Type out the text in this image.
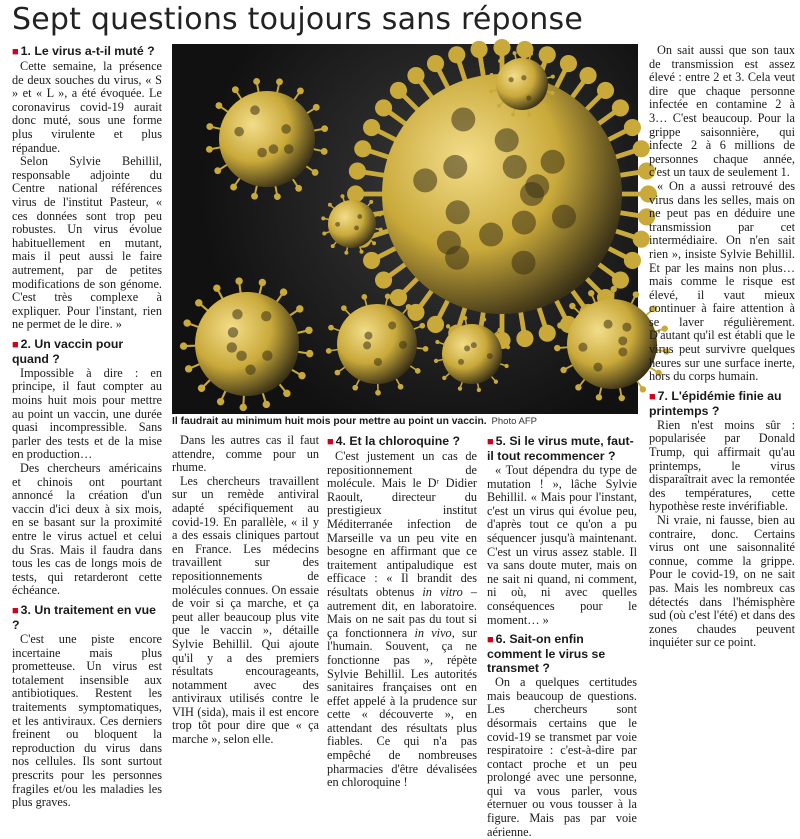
Sept questions toujours sans réponse
■ 1. Le virus a-t-il muté ?

Cette semaine, la présence de deux souches du virus, « S » et « L », a été évoquée. Le coronavirus covid-19 aurait donc muté, sous une forme plus virulente et plus répandue.

Selon Sylvie Behillil, responsable adjointe du Centre national références virus de l'institut Pasteur, « ces données sont trop peu robustes. Un virus évolue habituellement en mutant, mais il peut aussi le faire autrement, par de petites modifications de son génome. C'est très complexe à expliquer. Pour l'instant, rien ne permet de le dire. »

■ 2. Un vaccin pour quand ?

Impossible à dire : en principe, il faut compter au moins huit mois pour mettre au point un vaccin, une durée quasi incompressible. Sans parler des tests et de la mise en production…

Des chercheurs américains et chinois ont pourtant annoncé la création d'un vaccin d'ici deux à six mois, en se basant sur la proximité entre le virus actuel et celui du Sras. Mais il faudra dans tous les cas de longs mois de tests, qui retarderont cette échéance.

■ 3. Un traitement en vue ?

C'est une piste encore incertaine mais plus prometteuse. Un virus est totalement insensible aux antibiotiques. Restent les traitements symptomatiques, et les antiviraux. Ces derniers freinent ou bloquent la reproduction du virus dans nos cellules. Ils sont surtout prescrits pour les personnes fragiles et/ou les maladies les plus graves.

Il faudrait au minimum huit mois pour mettre au point un vaccin. Photo AFP

Dans les autres cas il faut attendre, comme pour un rhume.

Les chercheurs travaillent sur un remède antiviral adapté spécifiquement au covid-19. En parallèle, « il y a des essais cliniques partout en France. Les médecins travaillent sur des repositionnements de molécules connues. On essaie de voir si ça marche, et ça peut aller beaucoup plus vite que le vaccin », détaille Sylvie Behillil. Qui ajoute qu'il y a des premiers résultats encourageants, notamment avec des antiviraux utilisés contre le VIH (sida), mais il est encore trop tôt pour dire que « ça marche », selon elle.

■ 4. Et la chloroquine ?

C'est justement un cas de repositionnement de molécule. Mais le Dʳ Didier Raoult, directeur du prestigieux institut Méditerranée infection de Marseille va un peu vite en besogne en affirmant que ce traitement antipaludique est efficace : « Il brandit des résultats obtenus in vitro – autrement dit, en laboratoire. Mais on ne sait pas du tout si ça fonctionnera in vivo, sur l'humain. Souvent, ça ne fonctionne pas », répète Sylvie Behillil. Les autorités sanitaires françaises ont en effet appelé à la prudence sur cette « découverte », en attendant des résultats plus fiables. Ce qui n'a pas empêché de nombreuses pharmacies d'être dévalisées en chloroquine !

■ 5. Si le virus mute, faut-il tout recommencer ?

« Tout dépendra du type de mutation ! », lâche Sylvie Behillil. « Mais pour l'instant, c'est un virus qui évolue peu, d'après tout ce qu'on a pu séquencer jusqu'à maintenant. C'est un virus assez stable. Il va sans doute muter, mais on ne sait ni quand, ni comment, ni où, ni avec quelles conséquences pour le moment… »

■ 6. Sait-on enfin comment le virus se transmet ?

On a quelques certitudes mais beaucoup de questions. Les chercheurs sont désormais certains que le covid-19 se transmet par voie respiratoire : c'est-à-dire par contact proche et un peu prolongé avec une personne, qui va vous parler, vous éternuer ou vous tousser à la figure. Mais pas par voie aérienne.

On sait aussi que son taux de transmission est assez élevé : entre 2 et 3. Cela veut dire que chaque personne infectée en contamine 2 à 3… C'est beaucoup. Pour la grippe saisonnière, qui infecte 2 à 6 millions de personnes chaque année, c'est un taux de seulement 1.

« On a aussi retrouvé des virus dans les selles, mais on ne peut pas en déduire une transmission par cet intermédiaire. On n'en sait rien », insiste Sylvie Behillil. Et par les mains non plus… mais comme le risque est élevé, il vaut mieux continuer à faire attention à se laver régulièrement. D'autant qu'il est établi que le virus peut survivre quelques heures sur une surface inerte, hors du corps humain.

■ 7. L'épidémie finie au printemps ?

Rien n'est moins sûr : popularisée par Donald Trump, qui affirmait qu'au printemps, le virus disparaîtrait avec la remontée des températures, cette hypothèse reste invérifiable.

Ni vraie, ni fausse, bien au contraire, donc. Certains virus ont une saisonnalité connue, comme la grippe. Pour le covid-19, on ne sait pas. Mais les nombreux cas détectés dans l'hémisphère sud (où c'est l'été) et dans des zones chaudes peuvent inquiéter sur ce point.
